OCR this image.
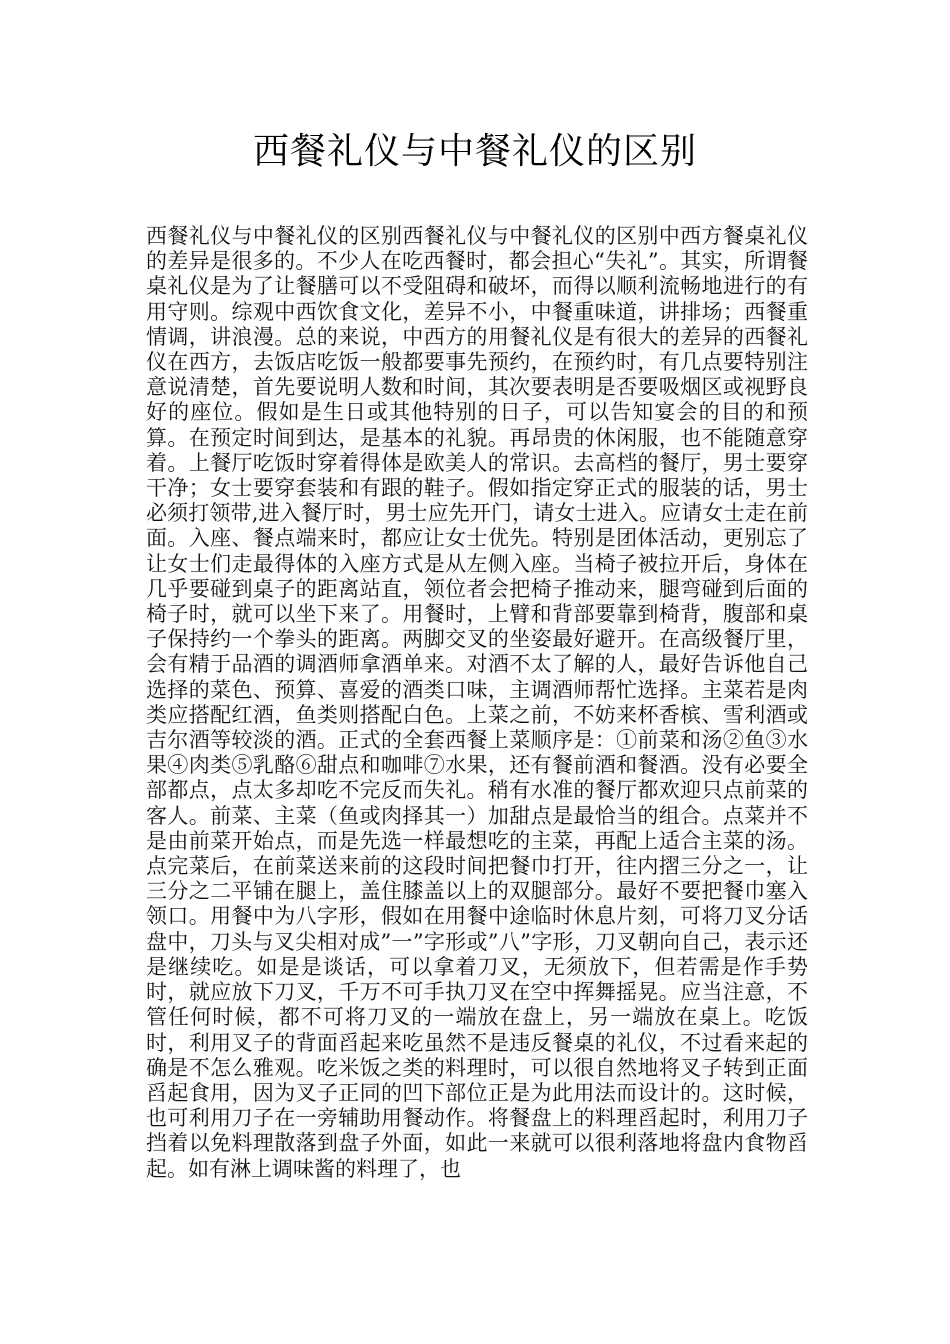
西餐礼仪与中餐礼仪的区别

西餐礼仪与中餐礼仪的区别西餐礼仪与中餐礼仪的区别中西方餐桌礼仪的差异是很多的。不少人在吃西餐时，都会担心“失礼”。其实，所谓餐桌礼仪是为了让餐膳可以不受阻碍和破坏，而得以顺利流畅地进行的有用守则。综观中西饮食文化，差异不小，中餐重味道，讲排场；西餐重情调，讲浪漫。总的来说，中西方的用餐礼仪是有很大的差异的西餐礼仪在西方，去饭店吃饭一般都要事先预约，在预约时，有几点要特别注意说清楚，首先要说明人数和时间，其次要表明是否要吸烟区或视野良好的座位。假如是生日或其他特别的日子，可以告知宴会的目的和预算。在预定时间到达，是基本的礼貌。再昂贵的休闲服，也不能随意穿着。上餐厅吃饭时穿着得体是欧美人的常识。去高档的餐厅，男士要穿干净；女士要穿套装和有跟的鞋子。假如指定穿正式的服装的话，男士必须打领带,进入餐厅时，男士应先开门，请女士进入。应请女士走在前面。入座、餐点端来时，都应让女士优先。特别是团体活动，更别忘了让女士们走最得体的入座方式是从左侧入座。当椅子被拉开后，身体在几乎要碰到桌子的距离站直，领位者会把椅子推动来，腿弯碰到后面的椅子时，就可以坐下来了。用餐时，上臂和背部要靠到椅背，腹部和桌子保持约一个拳头的距离。两脚交叉的坐姿最好避开。在高级餐厅里，会有精于品酒的调酒师拿酒单来。对酒不太了解的人，最好告诉他自己选择的菜色、预算、喜爱的酒类口味，主调酒师帮忙选择。主菜若是肉类应搭配红酒，鱼类则搭配白色。上菜之前，不妨来杯香槟、雪利酒或吉尔酒等较淡的酒。正式的全套西餐上菜顺序是：①前菜和汤②鱼③水果④肉类⑤乳酪⑥甜点和咖啡⑦水果，还有餐前酒和餐酒。没有必要全部都点，点太多却吃不完反而失礼。稍有水准的餐厅都欢迎只点前菜的客人。前菜、主菜（鱼或肉择其一）加甜点是最恰当的组合。点菜并不是由前菜开始点，而是先选一样最想吃的主菜，再配上适合主菜的汤。点完菜后，在前菜送来前的这段时间把餐巾打开，往内摺三分之一，让三分之二平铺在腿上，盖住膝盖以上的双腿部分。最好不要把餐巾塞入领口。用餐中为八字形，假如在用餐中途临时休息片刻，可将刀叉分话盘中，刀头与叉尖相对成”一”字形或”八”字形，刀叉朝向自己，表示还是继续吃。如是是谈话，可以拿着刀叉，无须放下，但若需是作手势时，就应放下刀叉，千万不可手执刀叉在空中挥舞摇晃。应当注意，不管任何时候，都不可将刀叉的一端放在盘上，另一端放在桌上。吃饭时，利用叉子的背面舀起来吃虽然不是违反餐桌的礼仪，不过看来起的确是不怎么雅观。吃米饭之类的料理时，可以很自然地将叉子转到正面舀起食用，因为叉子正同的凹下部位正是为此用法而设计的。这时候，也可利用刀子在一旁辅助用餐动作。将餐盘上的料理舀起时，利用刀子挡着以免料理散落到盘子外面，如此一来就可以很利落地将盘内食物舀起。如有淋上调味酱的料理了，也
